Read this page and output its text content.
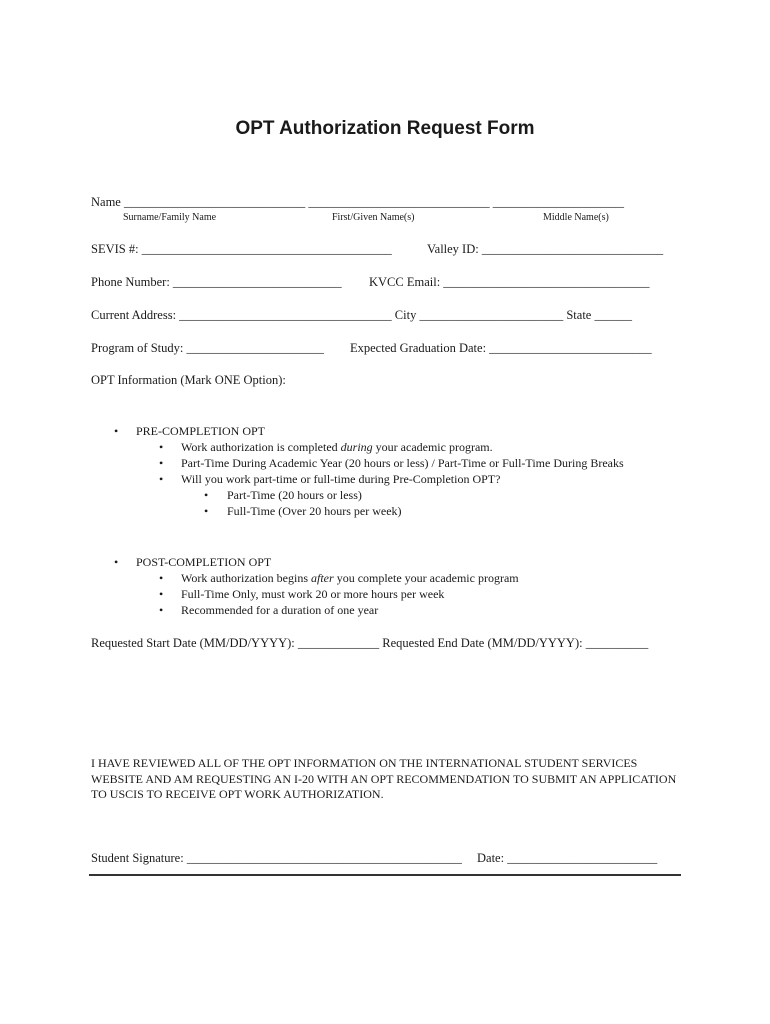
OPT Authorization Request Form
Name _____________________________ _____________________________ _____________________
Surname/Family Name	First/Given Name(s)	Middle Name(s)
SEVIS #: ________________________________________	Valley ID: _____________________________
Phone Number: ___________________________ KVCC Email: _________________________________
Current Address: __________________________________ City _______________________ State ______
Program of Study: ______________________ Expected Graduation Date: __________________________
OPT Information (Mark ONE Option):
• PRE-COMPLETION OPT
• Work authorization is completed during your academic program.
• Part-Time During Academic Year (20 hours or less) / Part-Time or Full-Time During Breaks
• Will you work part-time or full-time during Pre-Completion OPT?
• Part-Time (20 hours or less)
• Full-Time (Over 20 hours per week)
• POST-COMPLETION OPT
• Work authorization begins after you complete your academic program
• Full-Time Only, must work 20 or more hours per week
• Recommended for a duration of one year
Requested Start Date (MM/DD/YYYY): _____________ Requested End Date (MM/DD/YYYY): __________
I HAVE REVIEWED ALL OF THE OPT INFORMATION ON THE INTERNATIONAL STUDENT SERVICES WEBSITE AND AM REQUESTING AN I-20 WITH AN OPT RECOMMENDATION TO SUBMIT AN APPLICATION TO USCIS TO RECEIVE OPT WORK AUTHORIZATION.
Student Signature: ____________________________________________ Date: ________________________
